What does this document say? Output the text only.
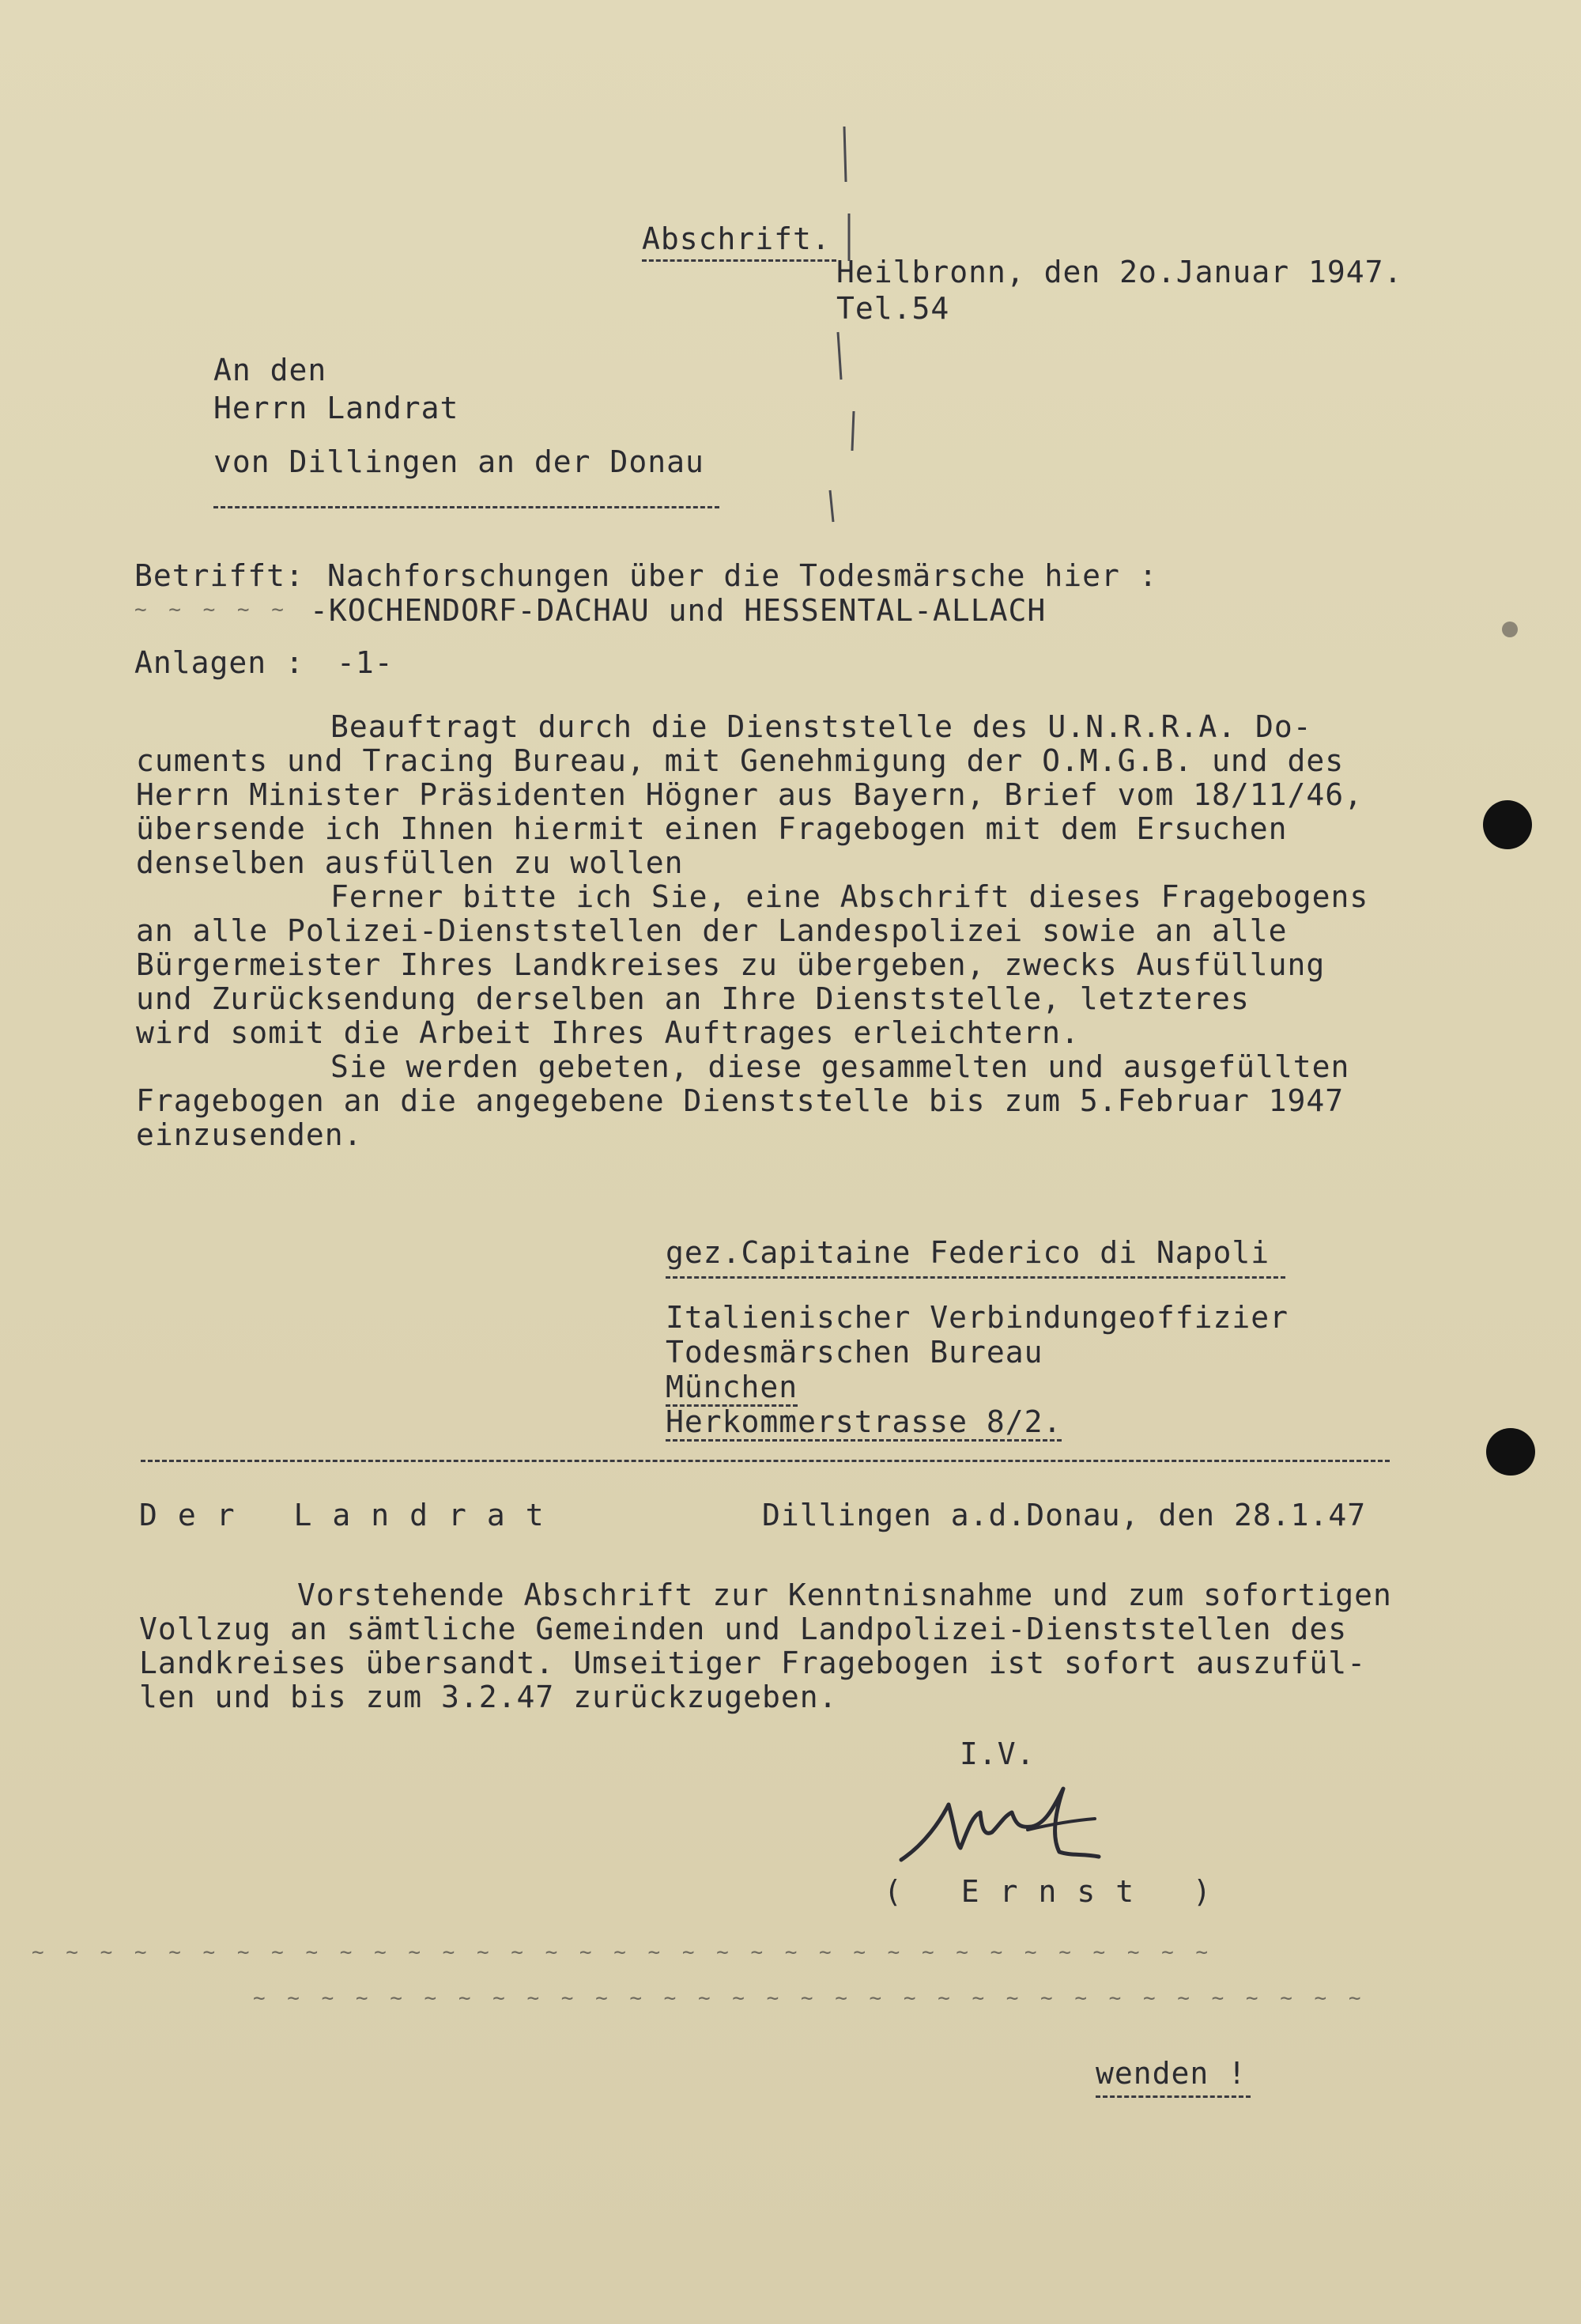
Abschrift.
Heilbronn, den 2o.Januar 1947.
Tel.54
An den
Herrn Landrat
von Dillingen an der Donau
Betrifft: Nachforschungen über die Todesmärsche hier :
~ ~ ~ ~ ~ -KOCHENDORF-DACHAU und HESSENTAL-ALLACH
Anlagen : -1-
Beauftragt durch die Dienststelle des U.N.R.R.A. Do-
cuments und Tracing Bureau, mit Genehmigung der O.M.G.B. und des
Herrn Minister Präsidenten Högner aus Bayern, Brief vom 18/11/46,
übersende ich Ihnen hiermit einen Fragebogen mit dem Ersuchen
denselben ausfüllen zu wollen
Ferner bitte ich Sie, eine Abschrift dieses Fragebogens
an alle Polizei-Dienststellen der Landespolizei sowie an alle
Bürgermeister Ihres Landkreises zu übergeben, zwecks Ausfüllung
und Zurücksendung derselben an Ihre Dienststelle, letzteres
wird somit die Arbeit Ihres Auftrages erleichtern.
Sie werden gebeten, diese gesammelten und ausgefüllten
Fragebogen an die angegebene Dienststelle bis zum 5.Februar 1947
einzusenden.
gez.Capitaine Federico di Napoli
Italienischer Verbindungeoffizier
Todesmärschen Bureau
München
Herkommerstrasse 8/2.
Der Landrat	Dillingen a.d.Donau, den 28.1.47
Vorstehende Abschrift zur Kenntnisnahme und zum sofortigen
Vollzug an sämtliche Gemeinden und Landpolizei-Dienststellen des
Landkreises übersandt. Umseitiger Fragebogen ist sofort auszufül-
len und bis zum 3.2.47 zurückzugeben.
I.V.
( Ernst )
~ ~ ~ ~ ~ ~ ~ ~ ~ ~ ~ ~ ~ ~ ~ ~ ~ ~ ~ ~ ~ ~ ~ ~ ~ ~ ~ ~ ~ ~ ~ ~ ~ ~ ~
~ ~ ~ ~ ~ ~ ~ ~ ~ ~ ~ ~ ~ ~ ~ ~ ~ ~ ~ ~ ~ ~ ~ ~ ~ ~ ~ ~ ~ ~ ~ ~ ~
wenden !
